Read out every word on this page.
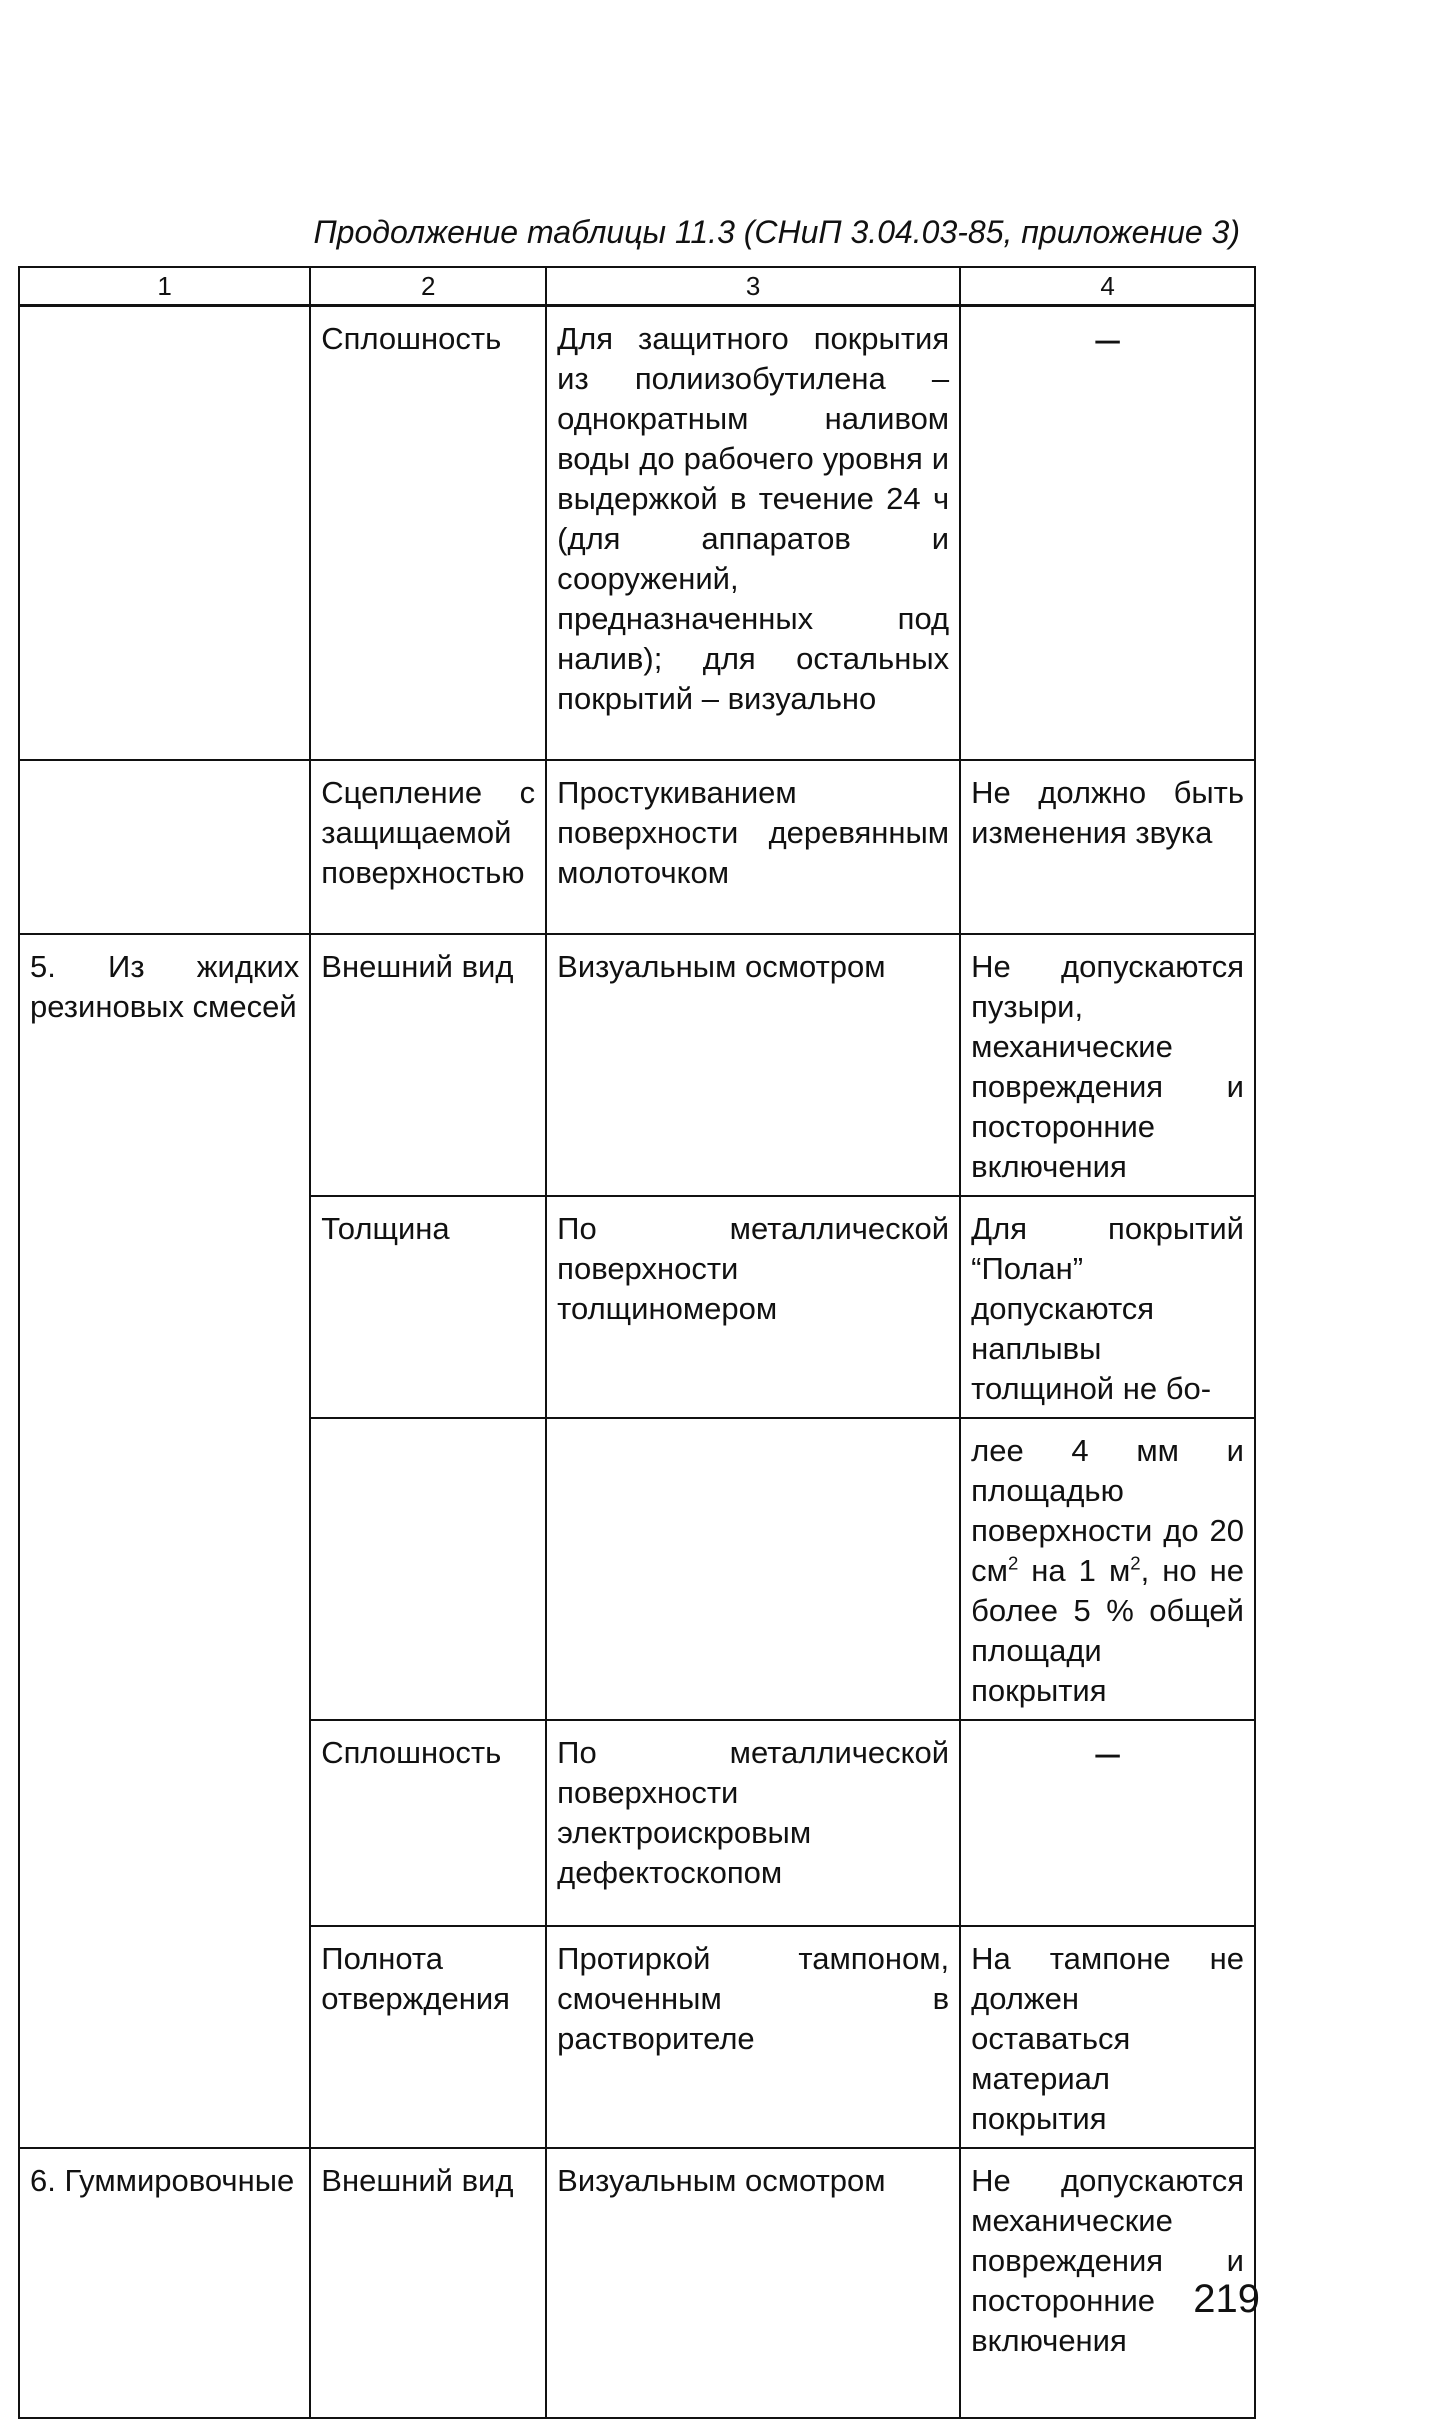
Продолжение таблицы 11.3 (СНиП 3.04.03-85, приложение 3)
1	2	3	4
	Сплошность	Для защитного покрытия из полиизобутилена – однократным наливом воды до рабочего уровня и выдержкой в течение 24 ч (для аппаратов и сооружений, предназначенных под налив); для остальных покрытий – визуально	–
	Сцепление с защищаемой поверхностью	Простукиванием поверхности деревянным молоточком	Не должно быть изменения звука
5. Из жидких резиновых смесей	Внешний вид	Визуальным осмотром	Не допускаются пузыри, механические повреждения и посторонние включения
	Толщина	По металлической поверхности толщиномером	Для покрытий “Полан” допускаются наплывы толщиной не бо-
			лее 4 мм и площадью поверхности до 20 $см^2$ на 1 $м^2$, но не более 5 % общей площади покрытия
	Сплошность	По металлической поверхности электроискровым дефектоскопом	–
	Полнота отверждения	Протиркой тампоном, смоченным в растворителе	На тампоне не должен оставаться материал покрытия
6. Гуммировочные	Внешний вид	Визуальным осмотром	Не допускаются механические повреждения и посторонние включения
219
